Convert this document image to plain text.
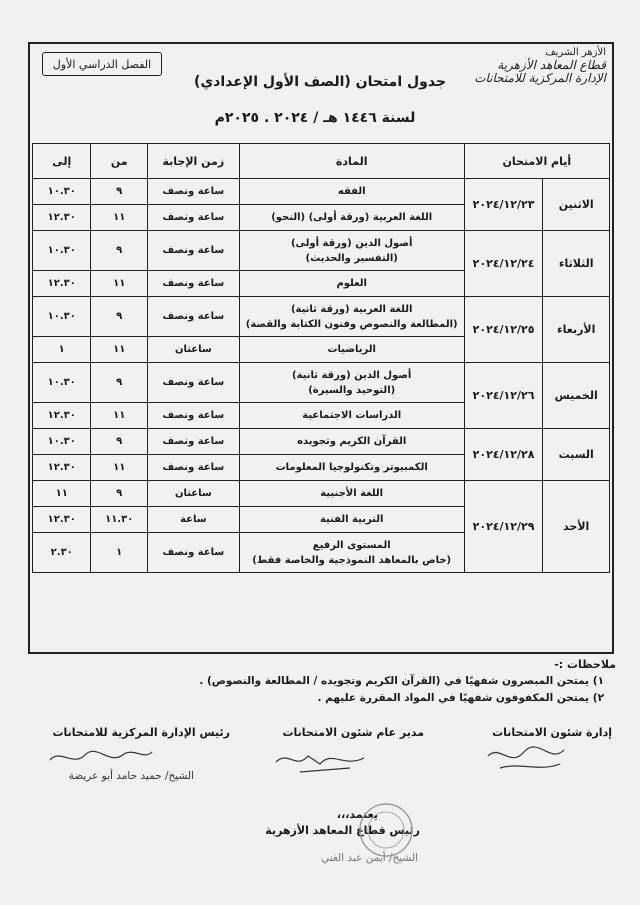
الأزهر الشريف
قطاع المعاهد الأزهرية
الإدارة المركزية للامتحانات
الفصل الدراسي الأول
جدول امتحان (الصف الأول الإعدادي)
لسنة ١٤٤٦ هـ / ٢٠٢٤ . ٢٠٢٥م
أيام الامتحان		المادة	زمن الإجابة	من	إلى
الاثنين	٢٠٢٤/١٢/٢٣	الفقه	ساعة ونصف	٩	١٠.٣٠
		اللغة العربية (ورقة أولى) (النحو)	ساعة ونصف	١١	١٢.٣٠
الثلاثاء	٢٠٢٤/١٢/٢٤	أصول الدين (ورقة أولى)
(التفسير والحديث)	ساعة ونصف	٩	١٠.٣٠
		العلوم	ساعة ونصف	١١	١٢.٣٠
الأربعاء	٢٠٢٤/١٢/٢٥	اللغة العربية (ورقة ثانية)
(المطالعة والنصوص وفنون الكتابة والقصة)	ساعة ونصف	٩	١٠.٣٠
		الرياضيات	ساعتان	١١	١
الخميس	٢٠٢٤/١٢/٢٦	أصول الدين (ورقة ثانية)
(التوحيد والسيرة)	ساعة ونصف	٩	١٠.٣٠
		الدراسات الاجتماعية	ساعة ونصف	١١	١٢.٣٠
السبت	٢٠٢٤/١٢/٢٨	القرآن الكريم وتجويده	ساعة ونصف	٩	١٠.٣٠
		الكمبيوتر وتكنولوجيا المعلومات	ساعة ونصف	١١	١٢.٣٠
الأحد	٢٠٢٤/١٢/٢٩	اللغة الأجنبية	ساعتان	٩	١١
		التربية الفنية	ساعة	١١.٣٠	١٢.٣٠
		المستوى الرفيع
(خاص بالمعاهد النموذجية والخاصة فقط)	ساعة ونصف	١	٢.٣٠
ملاحظات :-
١) يمتحن المبصرون شفهيًا في (القرآن الكريم وتجويده / المطالعة والنصوص) .
٢) يمتحن المكفوفون شفهيًا في المواد المقررة عليهم .
إدارة شئون الامتحانات
مدير عام شئون الامتحانات
رئيس الإدارة المركزية للامتحانات
الشيخ/ حميد حامد أبو عريضة
يعتمد،،،
رئيس قطاع المعاهد الأزهرية
الشيخ/ أيمن عبد الغني
